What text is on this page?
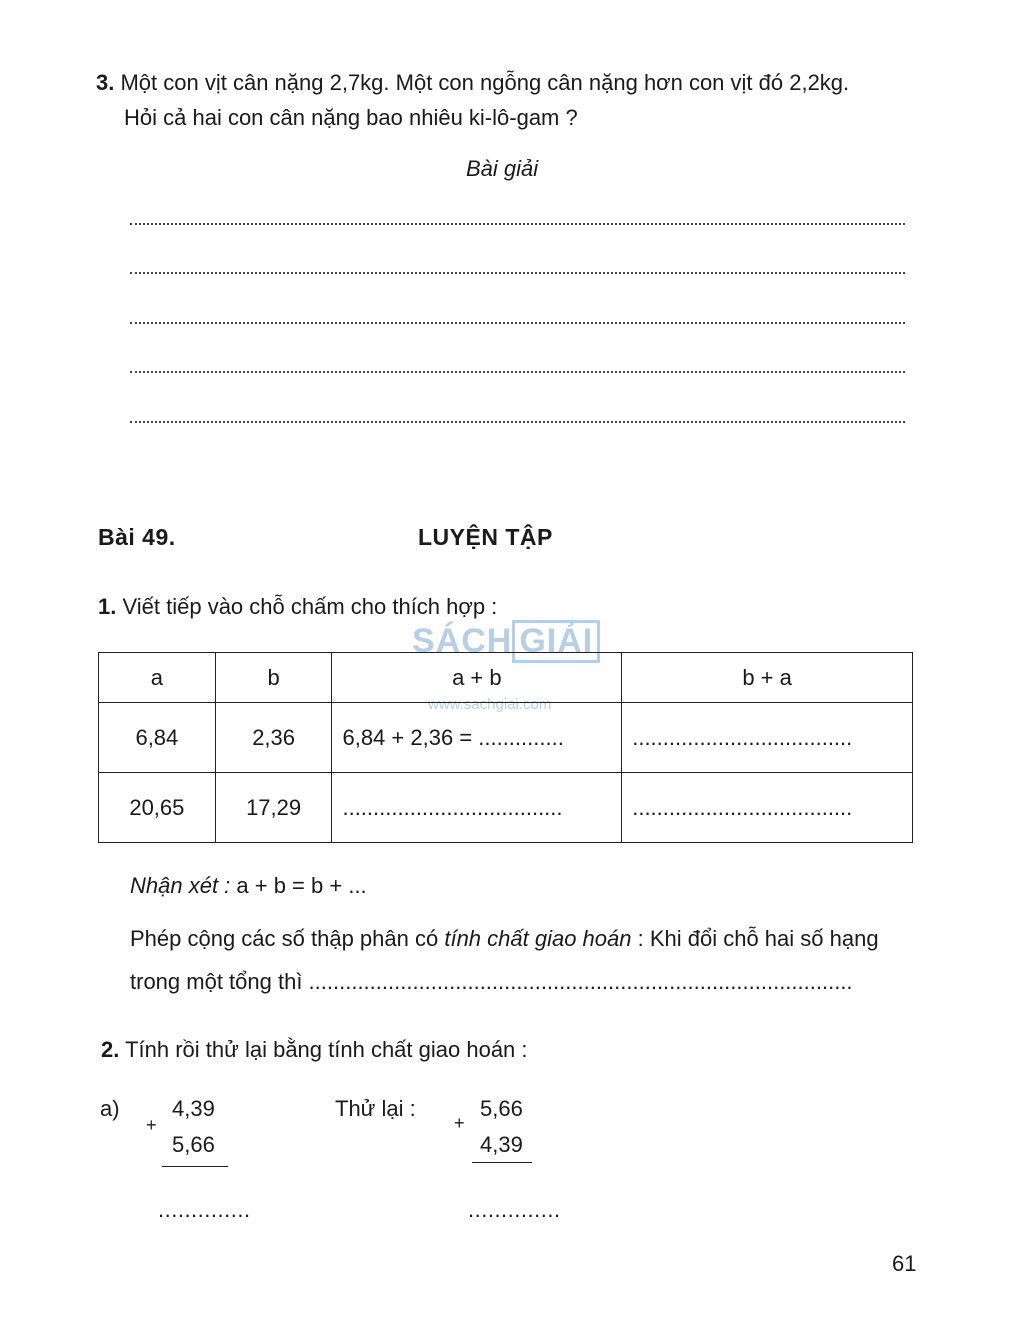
3. Một con vịt cân nặng 2,7kg. Một con ngỗng cân nặng hơn con vịt đó 2,2kg.
Hỏi cả hai con cân nặng bao nhiêu ki-lô-gam ?
Bài giải
Bài 49.	LUYỆN TẬP
1. Viết tiếp vào chỗ chấm cho thích hợp :
SÁCH GIẢI
www.sachgiai.com
a	b	a + b	b + a
6,84	2,36	6,84 + 2,36 = ..............	....................................
20,65	17,29	....................................	....................................
Nhận xét : a + b = b + ...
Phép cộng các số thập phân có tính chất giao hoán : Khi đổi chỗ hai số hạng
trong một tổng thì .........................................................................................
2. Tính rồi thử lại bằng tính chất giao hoán :
a)
+
4,39
5,66
..............
Thử lại :
+
5,66
4,39
..............
61
